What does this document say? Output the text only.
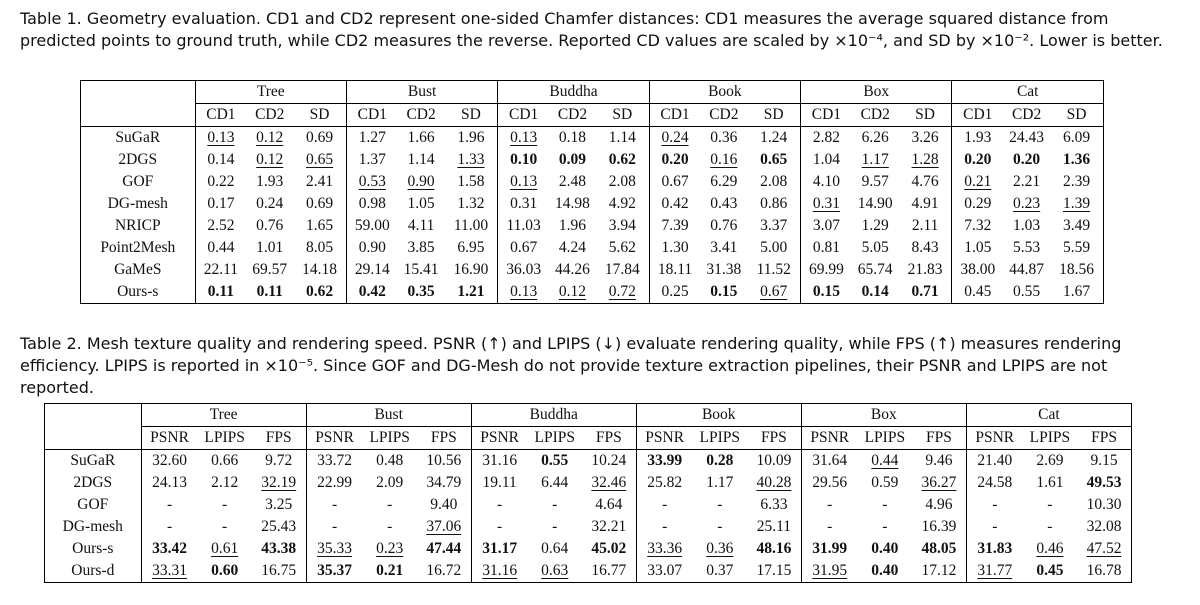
Table 1. Geometry evaluation. CD1 and CD2 represent one-sided Chamfer distances: CD1 measures the average squared distance from predicted points to ground truth, while CD2 measures the reverse. Reported CD values are scaled by ×10⁻⁴, and SD by ×10⁻². Lower is better.
	Tree			Bust			Buddha			Book			Box			Cat		
	CD1	CD2	SD	CD1	CD2	SD	CD1	CD2	SD	CD1	CD2	SD	CD1	CD2	SD	CD1	CD2	SD
SuGaR	0.13	0.12	0.69	1.27	1.66	1.96	0.13	0.18	1.14	0.24	0.36	1.24	2.82	6.26	3.26	1.93	24.43	6.09
2DGS	0.14	0.12	0.65	1.37	1.14	1.33	0.10	0.09	0.62	0.20	0.16	0.65	1.04	1.17	1.28	0.20	0.20	1.36
GOF	0.22	1.93	2.41	0.53	0.90	1.58	0.13	2.48	2.08	0.67	6.29	2.08	4.10	9.57	4.76	0.21	2.21	2.39
DG-mesh	0.17	0.24	0.69	0.98	1.05	1.32	0.31	14.98	4.92	0.42	0.43	0.86	0.31	14.90	4.91	0.29	0.23	1.39
NRICP	2.52	0.76	1.65	59.00	4.11	11.00	11.03	1.96	3.94	7.39	0.76	3.37	3.07	1.29	2.11	7.32	1.03	3.49
Point2Mesh	0.44	1.01	8.05	0.90	3.85	6.95	0.67	4.24	5.62	1.30	3.41	5.00	0.81	5.05	8.43	1.05	5.53	5.59
GaMeS	22.11	69.57	14.18	29.14	15.41	16.90	36.03	44.26	17.84	18.11	31.38	11.52	69.99	65.74	21.83	38.00	44.87	18.56
Ours-s	0.11	0.11	0.62	0.42	0.35	1.21	0.13	0.12	0.72	0.25	0.15	0.67	0.15	0.14	0.71	0.45	0.55	1.67
Table 2. Mesh texture quality and rendering speed. PSNR (↑) and LPIPS (↓) evaluate rendering quality, while FPS (↑) measures rendering efficiency. LPIPS is reported in ×10⁻⁵. Since GOF and DG-Mesh do not provide texture extraction pipelines, their PSNR and LPIPS are not reported.
	Tree			Bust			Buddha			Book			Box			Cat		
	PSNR	LPIPS	FPS	PSNR	LPIPS	FPS	PSNR	LPIPS	FPS	PSNR	LPIPS	FPS	PSNR	LPIPS	FPS	PSNR	LPIPS	FPS
SuGaR	32.60	0.66	9.72	33.72	0.48	10.56	31.16	0.55	10.24	33.99	0.28	10.09	31.64	0.44	9.46	21.40	2.69	9.15
2DGS	24.13	2.12	32.19	22.99	2.09	34.79	19.11	6.44	32.46	25.82	1.17	40.28	29.56	0.59	36.27	24.58	1.61	49.53
GOF	-	-	3.25	-	-	9.40	-	-	4.64	-	-	6.33	-	-	4.96	-	-	10.30
DG-mesh	-	-	25.43	-	-	37.06	-	-	32.21	-	-	25.11	-	-	16.39	-	-	32.08
Ours-s	33.42	0.61	43.38	35.33	0.23	47.44	31.17	0.64	45.02	33.36	0.36	48.16	31.99	0.40	48.05	31.83	0.46	47.52
Ours-d	33.31	0.60	16.75	35.37	0.21	16.72	31.16	0.63	16.77	33.07	0.37	17.15	31.95	0.40	17.12	31.77	0.45	16.78
